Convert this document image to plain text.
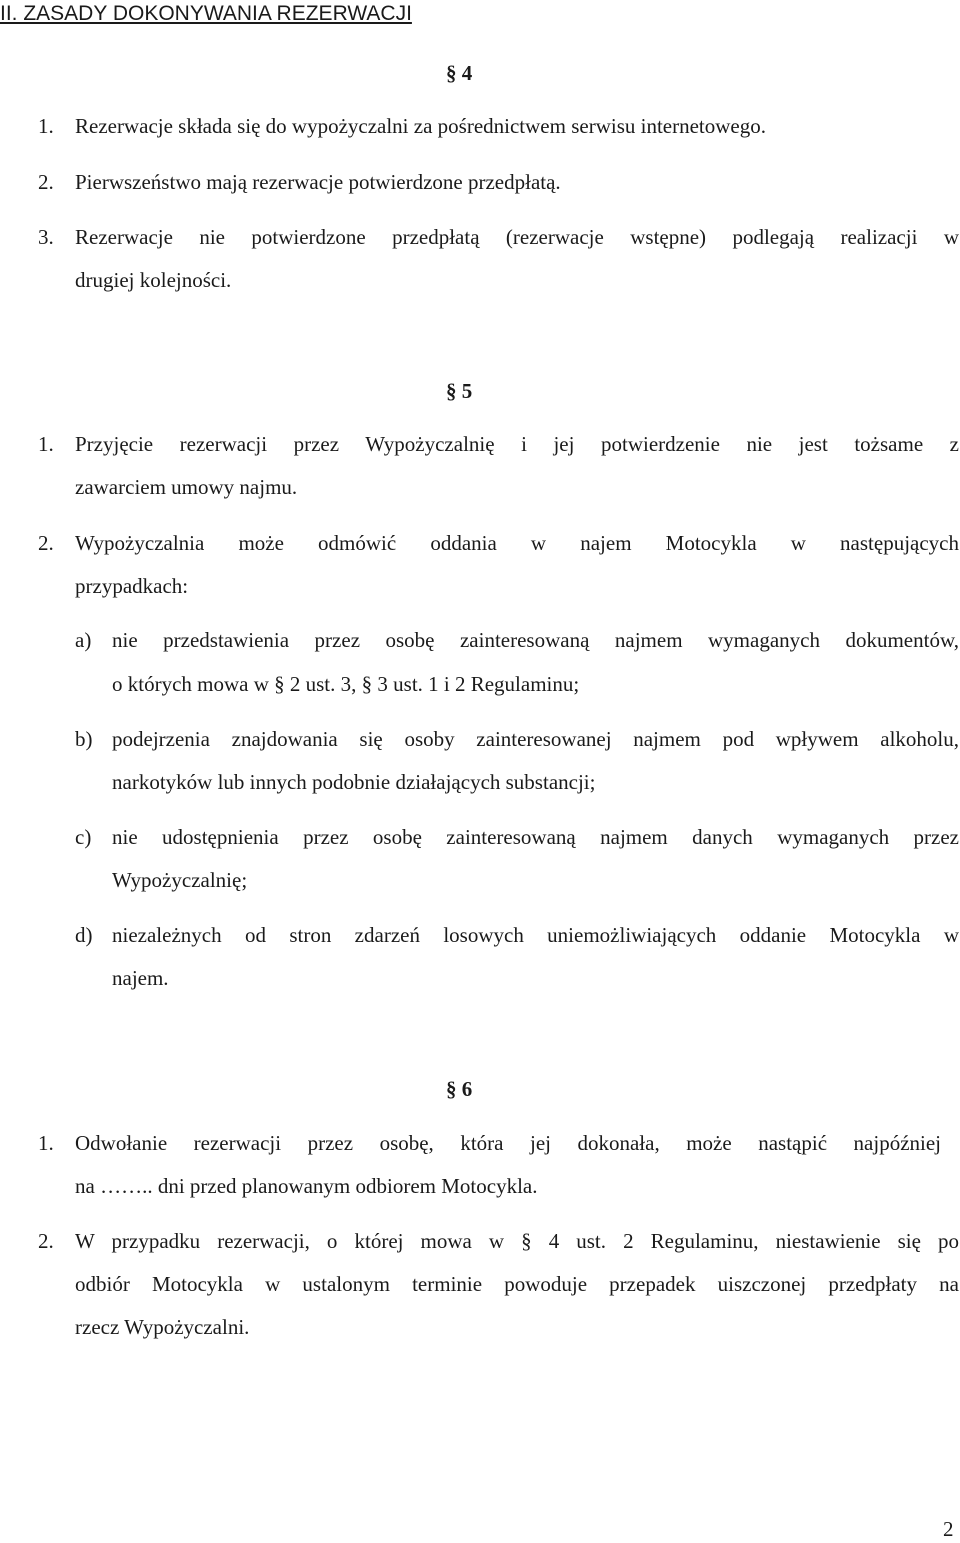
II. ZASADY DOKONYWANIA REZERWACJI
§ 4
1. Rezerwacje składa się do wypożyczalni za pośrednictwem serwisu internetowego.
2. Pierwszeństwo mają rezerwacje potwierdzone przedpłatą.
3. Rezerwacje nie potwierdzone przedpłatą (rezerwacje wstępne) podlegają realizacji w
drugiej kolejności.
§ 5
1. Przyjęcie rezerwacji przez Wypożyczalnię i jej potwierdzenie nie jest tożsame z
zawarciem umowy najmu.
2. Wypożyczalnia może odmówić oddania w najem Motocykla w następujących
przypadkach:
a) nie przedstawienia przez osobę zainteresowaną najmem wymaganych dokumentów,
o których mowa w § 2 ust. 3, § 3 ust. 1 i 2 Regulaminu;
b) podejrzenia znajdowania się osoby zainteresowanej najmem pod wpływem alkoholu,
narkotyków lub innych podobnie działających substancji;
c) nie udostępnienia przez osobę zainteresowaną najmem danych wymaganych przez
Wypożyczalnię;
d) niezależnych od stron zdarzeń losowych uniemożliwiających oddanie Motocykla w
najem.
§ 6
1. Odwołanie rezerwacji przez osobę, która jej dokonała, może nastąpić najpóźniej
na …….. dni przed planowanym odbiorem Motocykla.
2. W przypadku rezerwacji, o której mowa w § 4 ust. 2 Regulaminu, niestawienie się po
odbiór Motocykla w ustalonym terminie powoduje przepadek uiszczonej przedpłaty na
rzecz Wypożyczalni.
2
